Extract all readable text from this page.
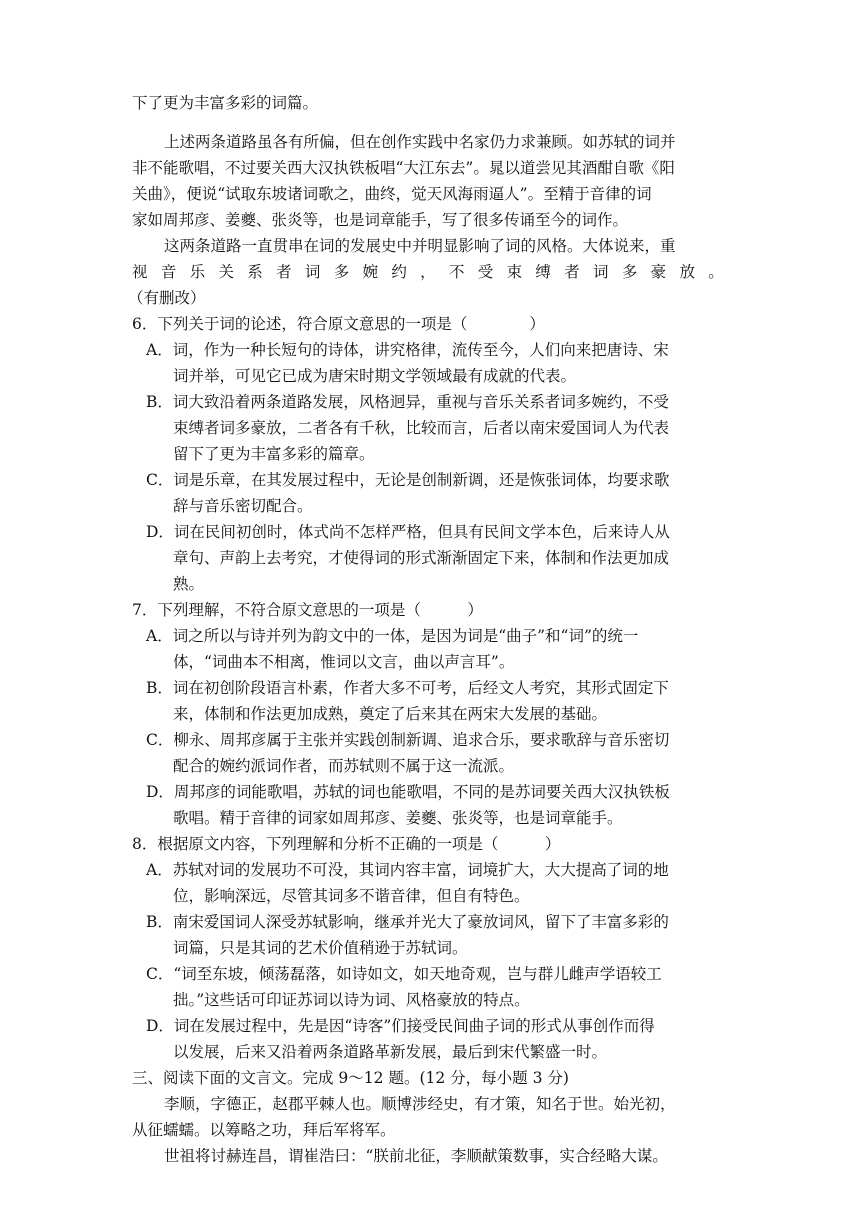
下了更为丰富多彩的词篇。
上述两条道路虽各有所偏，但在创作实践中名家仍力求兼顾。如苏轼的词并
非不能歌唱，不过要关西大汉执铁板唱“大江东去”。晁以道尝见其酒酣自歌《阳
关曲》，便说“试取东坡诸词歌之，曲终，觉天风海雨逼人”。至精于音律的词
家如周邦彦、姜夔、张炎等，也是词章能手，写了很多传诵至今的词作。
这两条道路一直贯串在词的发展史中并明显影响了词的风格。大体说来，重
视 音 乐 关 系 者 词 多 婉 约 ， 不 受 束 缚 者 词 多 豪 放 。
（有删改）
6．下列关于词的论述，符合原文意思的一项是（　　　　）
A．词，作为一种长短句的诗体，讲究格律，流传至今，人们向来把唐诗、宋
词并举，可见它已成为唐宋时期文学领域最有成就的代表。
B．词大致沿着两条道路发展，风格迥异，重视与音乐关系者词多婉约，不受
束缚者词多豪放，二者各有千秋，比较而言，后者以南宋爱国词人为代表
留下了更为丰富多彩的篇章。
C．词是乐章，在其发展过程中，无论是创制新调，还是恢张词体，均要求歌
辞与音乐密切配合。
D．词在民间初创时，体式尚不怎样严格，但具有民间文学本色，后来诗人从
章句、声韵上去考究，才使得词的形式渐渐固定下来，体制和作法更加成
熟。
7．下列理解，不符合原文意思的一项是（　　　）
A．词之所以与诗并列为韵文中的一体，是因为词是“曲子”和“词”的统一
体，“词曲本不相离，惟词以文言，曲以声言耳”。
B．词在初创阶段语言朴素，作者大多不可考，后经文人考究，其形式固定下
来，体制和作法更加成熟，奠定了后来其在两宋大发展的基础。
C．柳永、周邦彦属于主张并实践创制新调、追求合乐，要求歌辞与音乐密切
配合的婉约派词作者，而苏轼则不属于这一流派。
D．周邦彦的词能歌唱，苏轼的词也能歌唱，不同的是苏词要关西大汉执铁板
歌唱。精于音律的词家如周邦彦、姜夔、张炎等，也是词章能手。
8．根据原文内容，下列理解和分析不正确的一项是（　　　）
A．苏轼对词的发展功不可没，其词内容丰富，词境扩大，大大提高了词的地
位，影响深远，尽管其词多不谐音律，但自有特色。
B．南宋爱国词人深受苏轼影响，继承并光大了豪放词风，留下了丰富多彩的
词篇，只是其词的艺术价值稍逊于苏轼词。
C．“词至东坡，倾荡磊落，如诗如文，如天地奇观，岂与群儿雌声学语较工
拙。”这些话可印证苏词以诗为词、风格豪放的特点。
D．词在发展过程中，先是因“诗客”们接受民间曲子词的形式从事创作而得
以发展，后来又沿着两条道路革新发展，最后到宋代繁盛一时。
三、阅读下面的文言文。完成 9～12 题。(12 分，每小题 3 分)
李顺，字德正，赵郡平棘人也。顺博涉经史，有才策，知名于世。始光初，
从征蠕蠕。以筹略之功，拜后军将军。
世祖将讨赫连昌，谓崔浩曰：“朕前北征，李顺献策数事，实合经略大谋。
